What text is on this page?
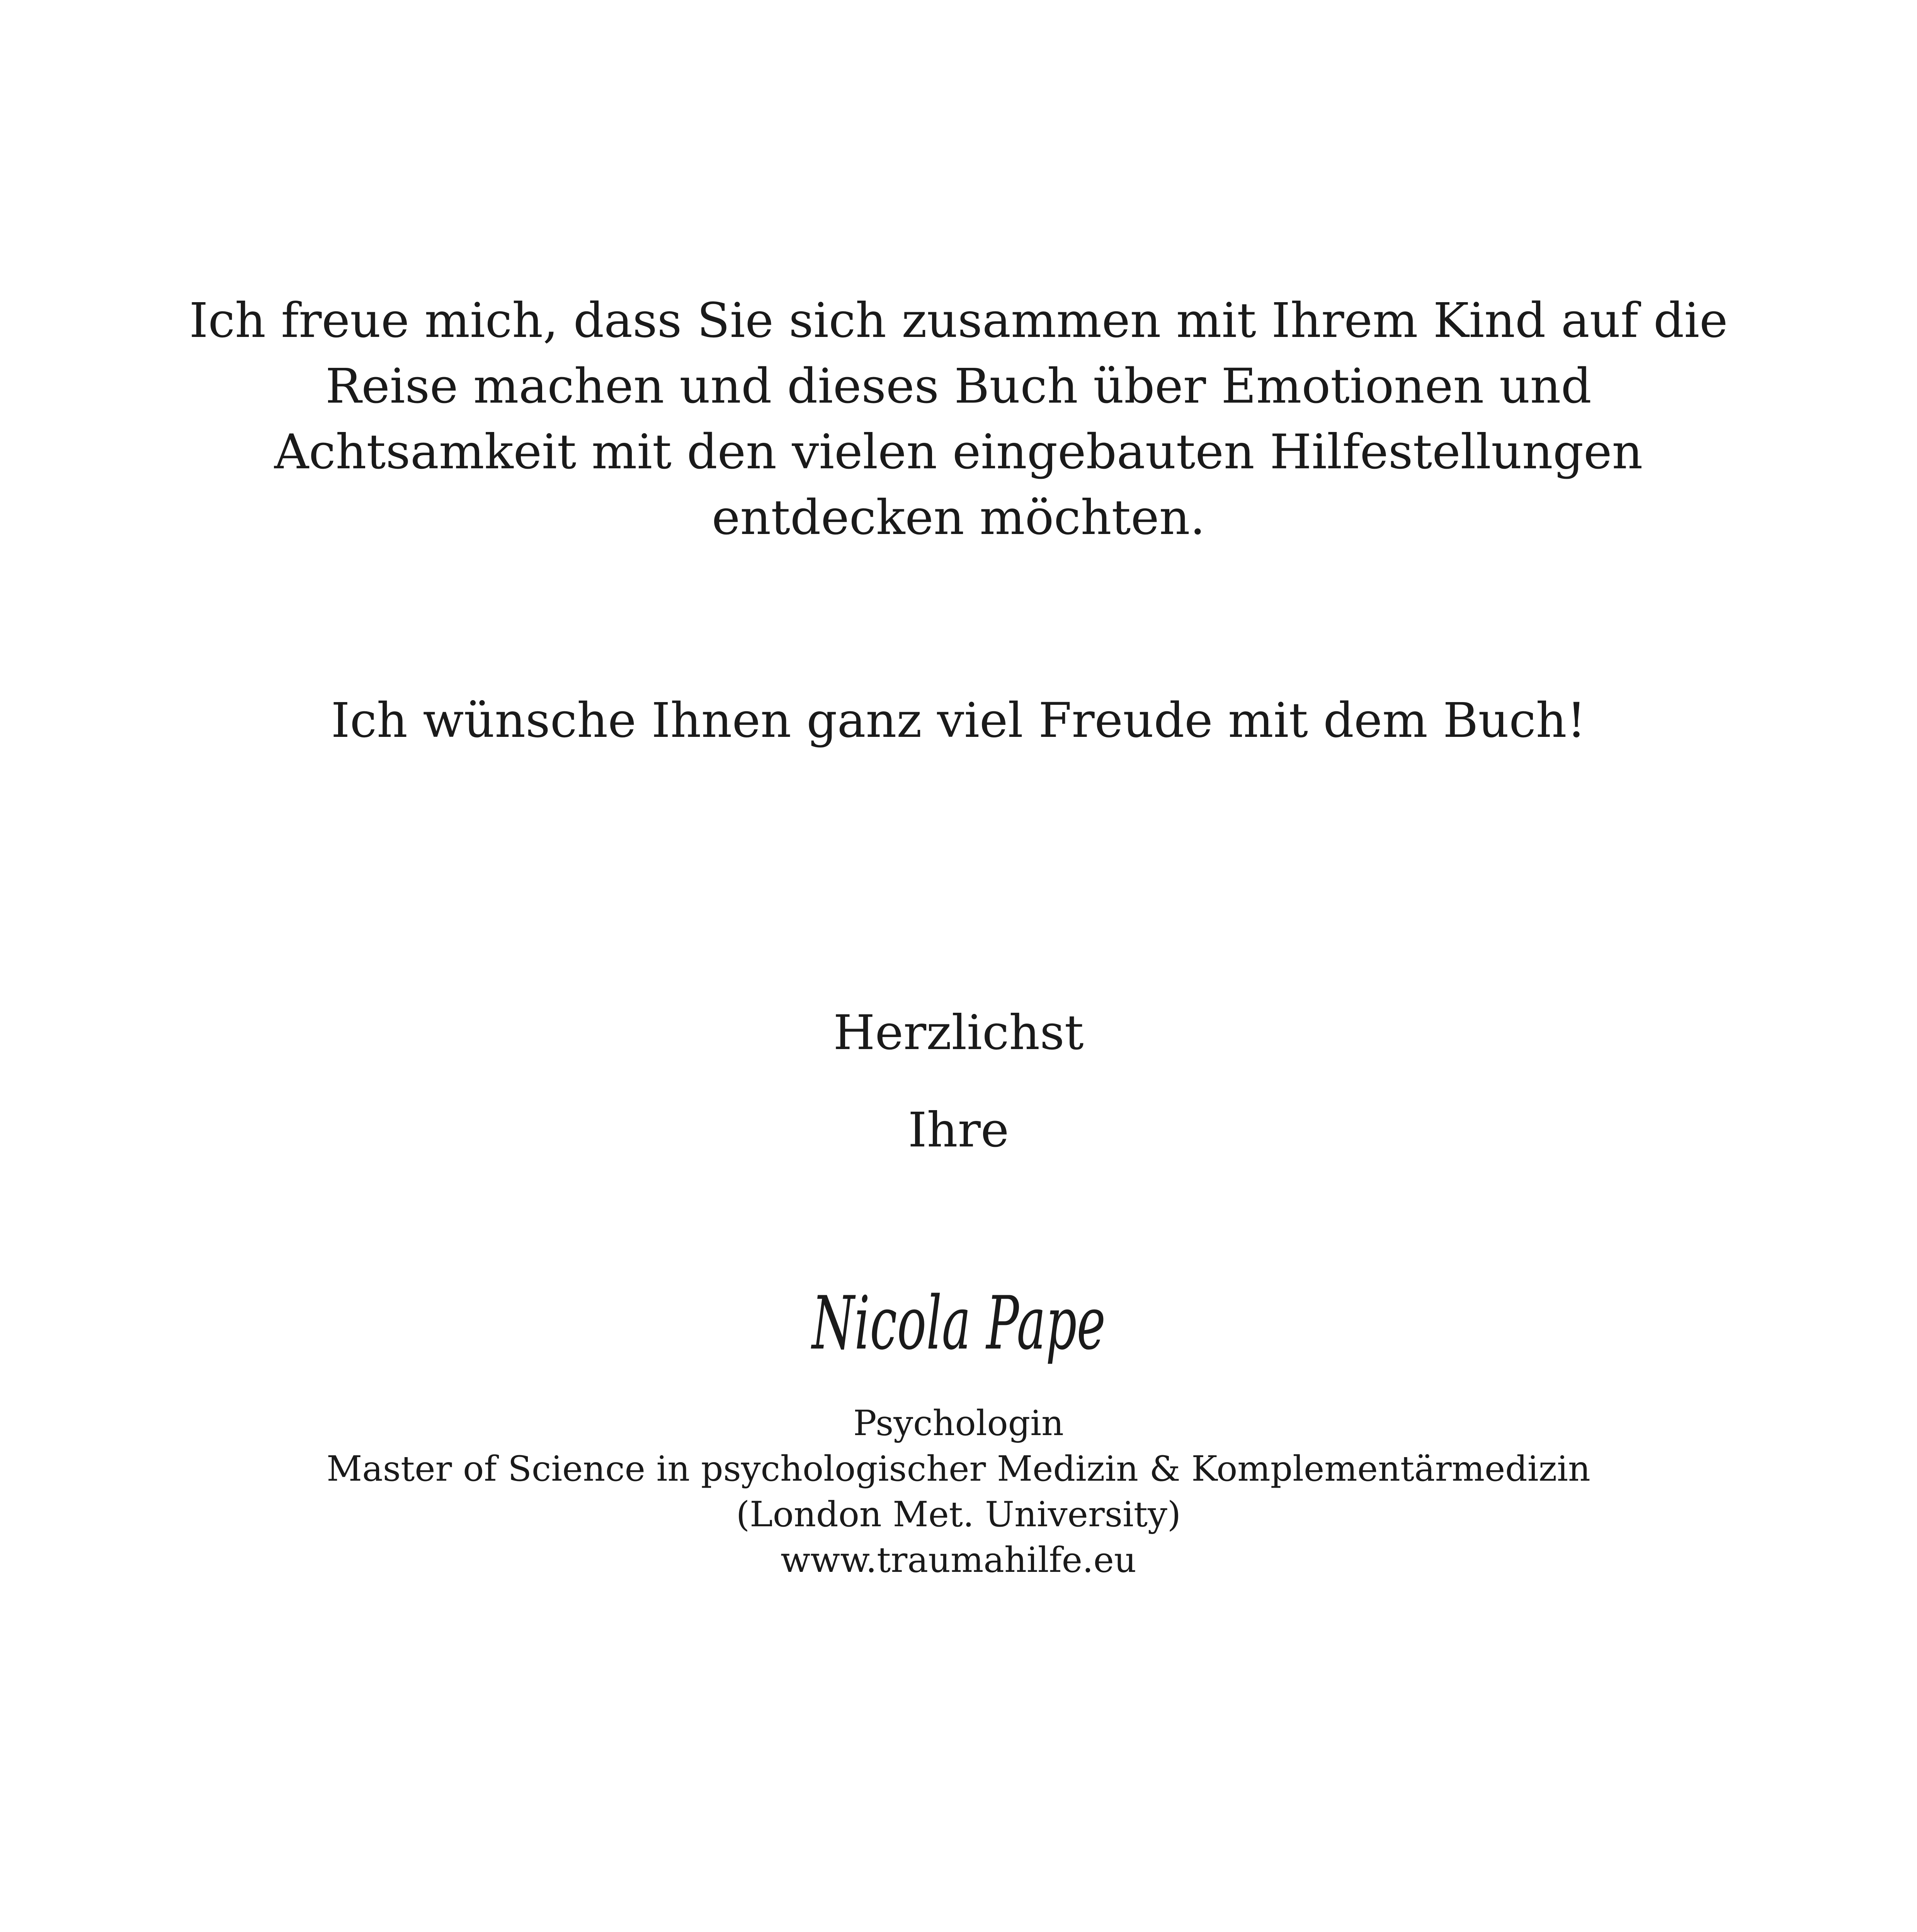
Ich freue mich, dass Sie sich zusammen mit Ihrem Kind auf die
Reise machen und dieses Buch über Emotionen und
Achtsamkeit mit den vielen eingebauten Hilfestellungen
entdecken möchten.

Ich wünsche Ihnen ganz viel Freude mit dem Buch!

Herzlichst

Ihre

Nicola Pape
Psychologin
Master of Science in psychologischer Medizin & Komplementärmedizin
(London Met. University)
www.traumahilfe.eu
